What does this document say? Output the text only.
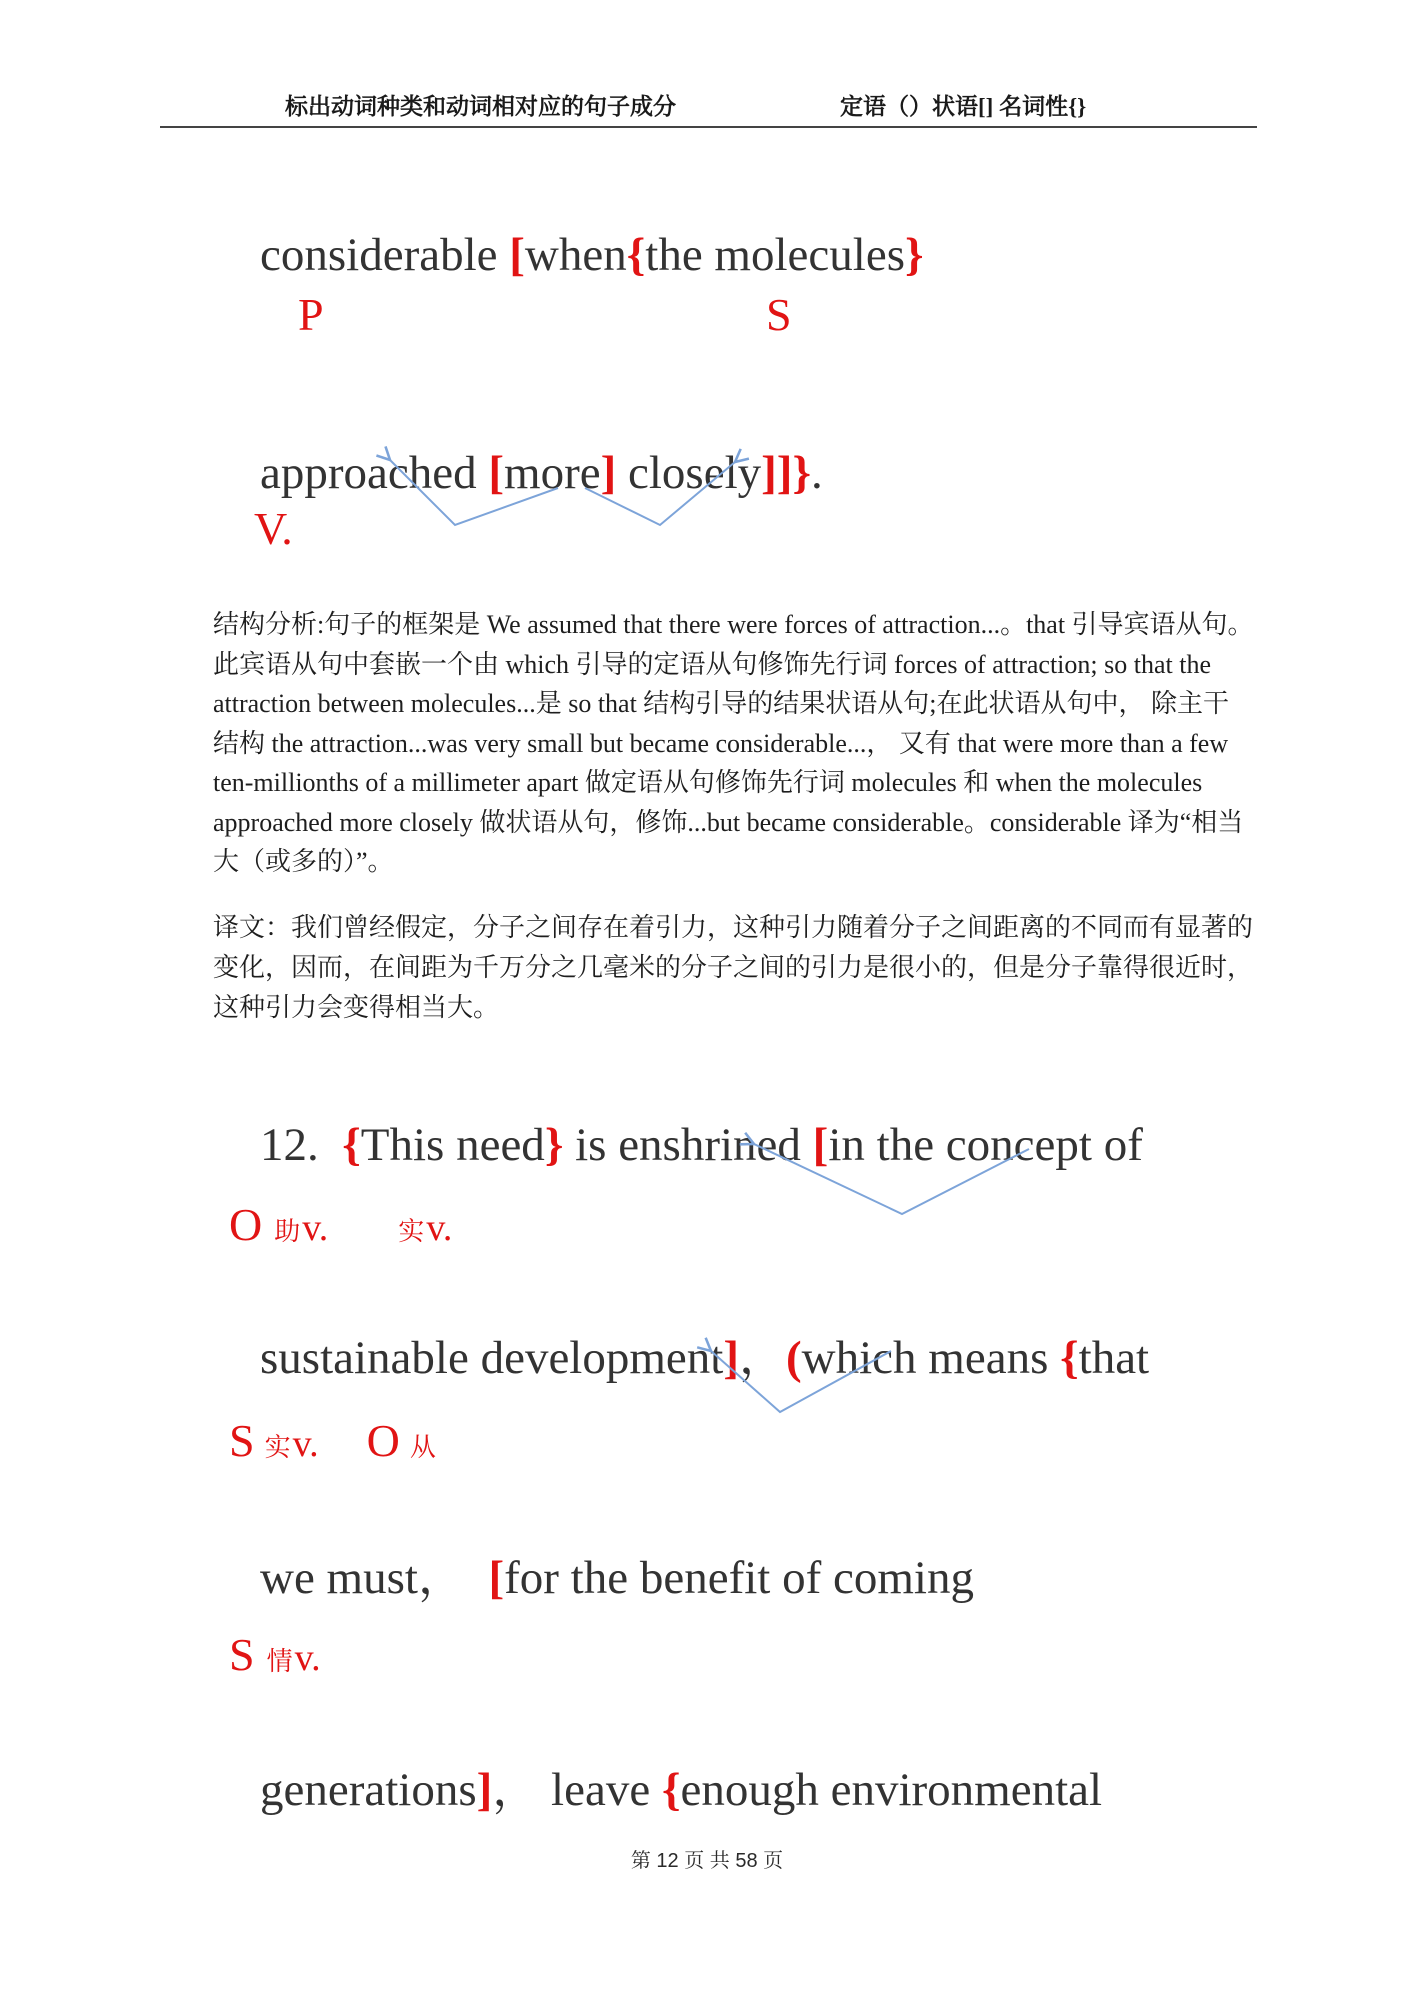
标出动词种类和动词相对应的句子成分	定语（）状语[] 名词性{}

considerable [when{the molecules}

P

	S

approached [more] closely]]}.

V.
结构分析:句子的框架是 We assumed that there were forces of attraction...。that 引导宾语从句。
此宾语从句中套嵌一个由 which 引导的定语从句修饰先行词 forces of attraction; so that the
attraction between molecules...是 so that 结构引导的结果状语从句;在此状语从句中， 除主干
结构 the attraction...was very small but became considerable...， 又有 that were more than a few
ten-millionths of a millimeter apart 做定语从句修饰先行词 molecules 和 when the molecules
approached more closely 做状语从句，修饰...but became considerable。considerable 译为“相当
大（或多的）”。
译文：我们曾经假定，分子之间存在着引力，这种引力随着分子之间距离的不同而有显著的
变化，因而，在间距为千万分之几毫米的分子之间的引力是很小的，但是分子靠得很近时，
这种引力会变得相当大。

12.  {This need} is enshrined [in the concept of

O助v.	实v.

sustainable development]，(which means {that

S实v. O 从

we must，  [for the benefit of coming

S情v.

generations]， leave {enough environmental

第 12 页 共 58 页
